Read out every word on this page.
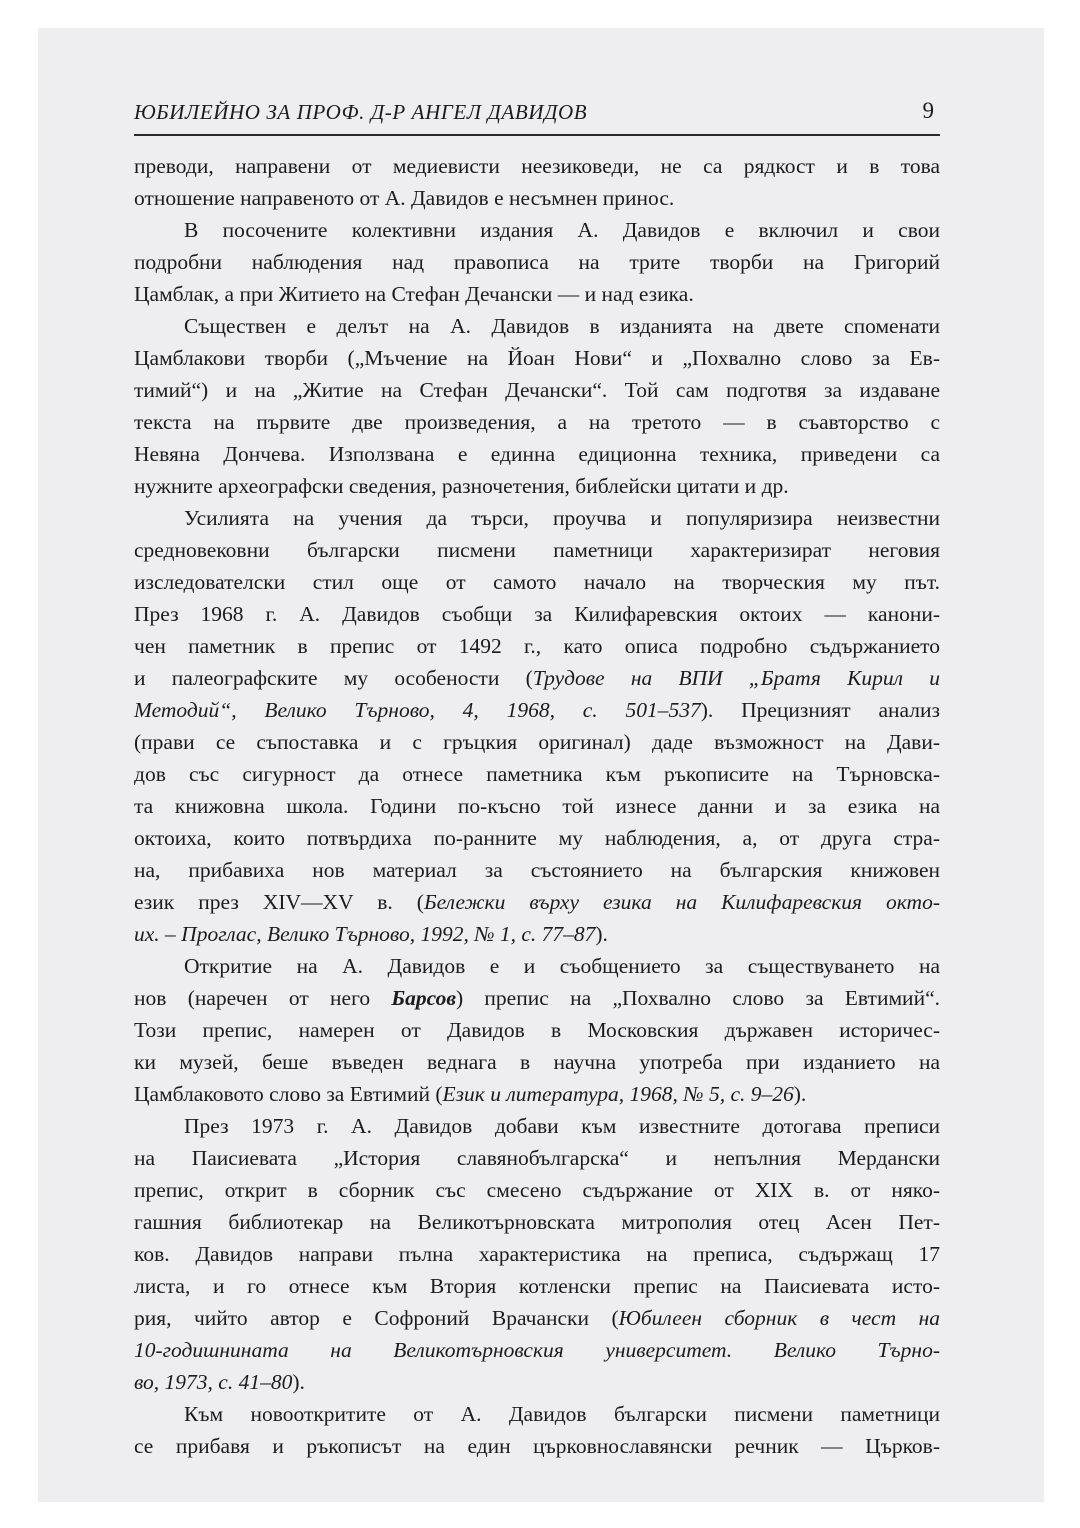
ЮБИЛЕЙНО ЗА ПРОФ. Д-Р АНГЕЛ ДАВИДОВ	9

преводи, направени от медиевисти неезиковеди, не са рядкост и в това
отношение направеното от А. Давидов е несъмнен принос.

В посочените колективни издания А. Давидов е включил и свои
подробни наблюдения над правописа на трите творби на Григорий
Цамблак, а при Житието на Стефан Дечански — и над езика.

Съществен е делът на А. Давидов в изданията на двете споменати
Цамблакови творби („Мъчение на Йоан Нови“ и „Похвално слово за Ев-
тимий“) и на „Житие на Стефан Дечански“. Той сам подготвя за издаване
текста на първите две произведения, а на третото — в съавторство с
Невяна Дончева. Използвана е единна едиционна техника, приведени са
нужните археографски сведения, разночетения, библейски цитати и др.

Усилията на учения да търси, проучва и популяризира неизвестни
средновековни български писмени паметници характеризират неговия
изследователски стил още от самото начало на творческия му път.
През 1968 г. А. Давидов съобщи за Килифаревския октоих — канони-
чен паметник в препис от 1492 г., като описа подробно съдържанието
и палеографските му особености (Трудове на ВПИ „Братя Кирил и
Методий“, Велико Търново, 4, 1968, с. 501–537). Прецизният анализ
(прави се съпоставка и с гръцкия оригинал) даде възможност на Дави-
дов със сигурност да отнесе паметника към ръкописите на Търновска-
та книжовна школа. Години по-късно той изнесе данни и за езика на
октоиха, които потвърдиха по-ранните му наблюдения, а, от друга стра-
на, прибавиха нов материал за състоянието на българския книжовен
език през XIV—XV в. (Бележки върху езика на Килифаревския окто-
их. – Проглас, Велико Търново, 1992, № 1, с. 77–87).

Откритие на А. Давидов е и съобщението за съществуването на
нов (наречен от него Барсов) препис на „Похвално слово за Евтимий“.
Този препис, намерен от Давидов в Московския държавен историчес-
ки музей, беше въведен веднага в научна употреба при изданието на
Цамблаковото слово за Евтимий (Език и литература, 1968, № 5, с. 9–26).

През 1973 г. А. Давидов добави към известните дотогава преписи
на Паисиевата „История славянобългарска“ и непълния Мердански
препис, открит в сборник със смесено съдържание от XIX в. от няко-
гашния библиотекар на Великотърновската митрополия отец Асен Пет-
ков. Давидов направи пълна характеристика на преписа, съдържащ 17
листа, и го отнесе към Втория котленски препис на Паисиевата исто-
рия, чийто автор е Софроний Врачански (Юбилеен сборник в чест на
10-годишнината на Великотърновския университет. Велико Търно-
во, 1973, с. 41–80).

Към новооткритите от А. Давидов български писмени паметници
се прибавя и ръкописът на един църковнославянски речник — Църков-
